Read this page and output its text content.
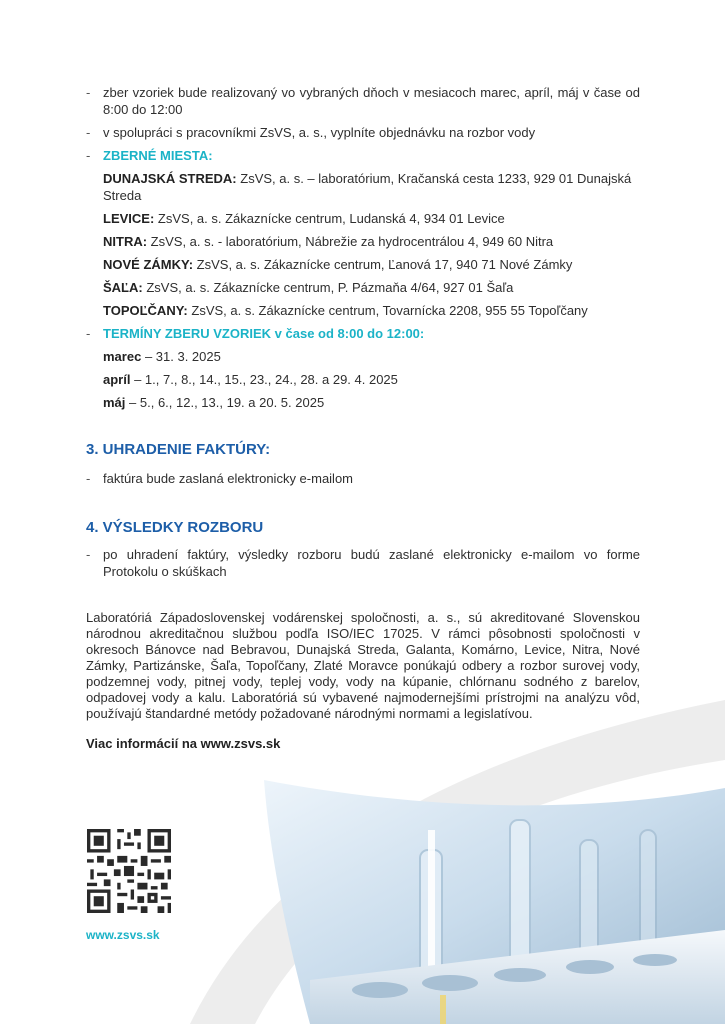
- zber vzoriek bude realizovaný vo vybraných dňoch v mesiacoch marec, apríl, máj v čase od 8:00 do 12:00
- v spolupráci s pracovníkmi ZsVS, a. s., vyplníte objednávku na rozbor vody
- ZBERNÉ MIESTA:
DUNAJSKÁ STREDA: ZsVS, a. s. – laboratórium, Kračanská cesta 1233, 929 01 Dunajská Streda
LEVICE: ZsVS, a. s. Zákaznícke centrum, Ludanská 4, 934 01 Levice
NITRA: ZsVS, a. s. - laboratórium, Nábrežie za hydrocentrálou 4, 949 60 Nitra
NOVÉ ZÁMKY: ZsVS, a. s. Zákaznícke centrum, Ľanová 17, 940 71 Nové Zámky
ŠAĽA: ZsVS, a. s. Zákaznícke centrum, P. Pázmaňa 4/64, 927 01 Šaľa
TOPOĽČANY: ZsVS, a. s. Zákaznícke centrum, Tovarnícka 2208, 955 55 Topoľčany
- TERMÍNY ZBERU VZORIEK v čase od 8:00 do 12:00:
marec – 31. 3. 2025
apríl – 1., 7., 8., 14., 15., 23., 24., 28. a 29. 4. 2025
máj – 5., 6., 12., 13., 19. a 20. 5. 2025
3. UHRADENIE FAKTÚRY:
- faktúra bude zaslaná elektronicky e-mailom
4. VÝSLEDKY ROZBORU
- po uhradení faktúry, výsledky rozboru budú zaslané elektronicky e-mailom vo forme Protokolu o skúškach

Laboratóriá Západoslovenskej vodárenskej spoločnosti, a. s., sú akreditované Slovenskou národnou akreditačnou službou podľa ISO/IEC 17025. V rámci pôsobnosti spoločnosti v okresoch Bánovce nad Bebravou, Dunajská Streda, Galanta, Komárno, Levice, Nitra, Nové Zámky, Partizánske, Šaľa, Topoľčany, Zlaté Moravce ponúkajú odbery a rozbor surovej vody, podzemnej vody, pitnej vody, teplej vody, vody na kúpanie, chlórnanu sodného z barelov, odpadovej vody a kalu. Laboratóriá sú vybavené najmodernejšími prístrojmi na analýzu vôd, používajú štandardné metódy požadované národnými normami a legislatívou.

Viac informácií na www.zsvs.sk
www.zsvs.sk
